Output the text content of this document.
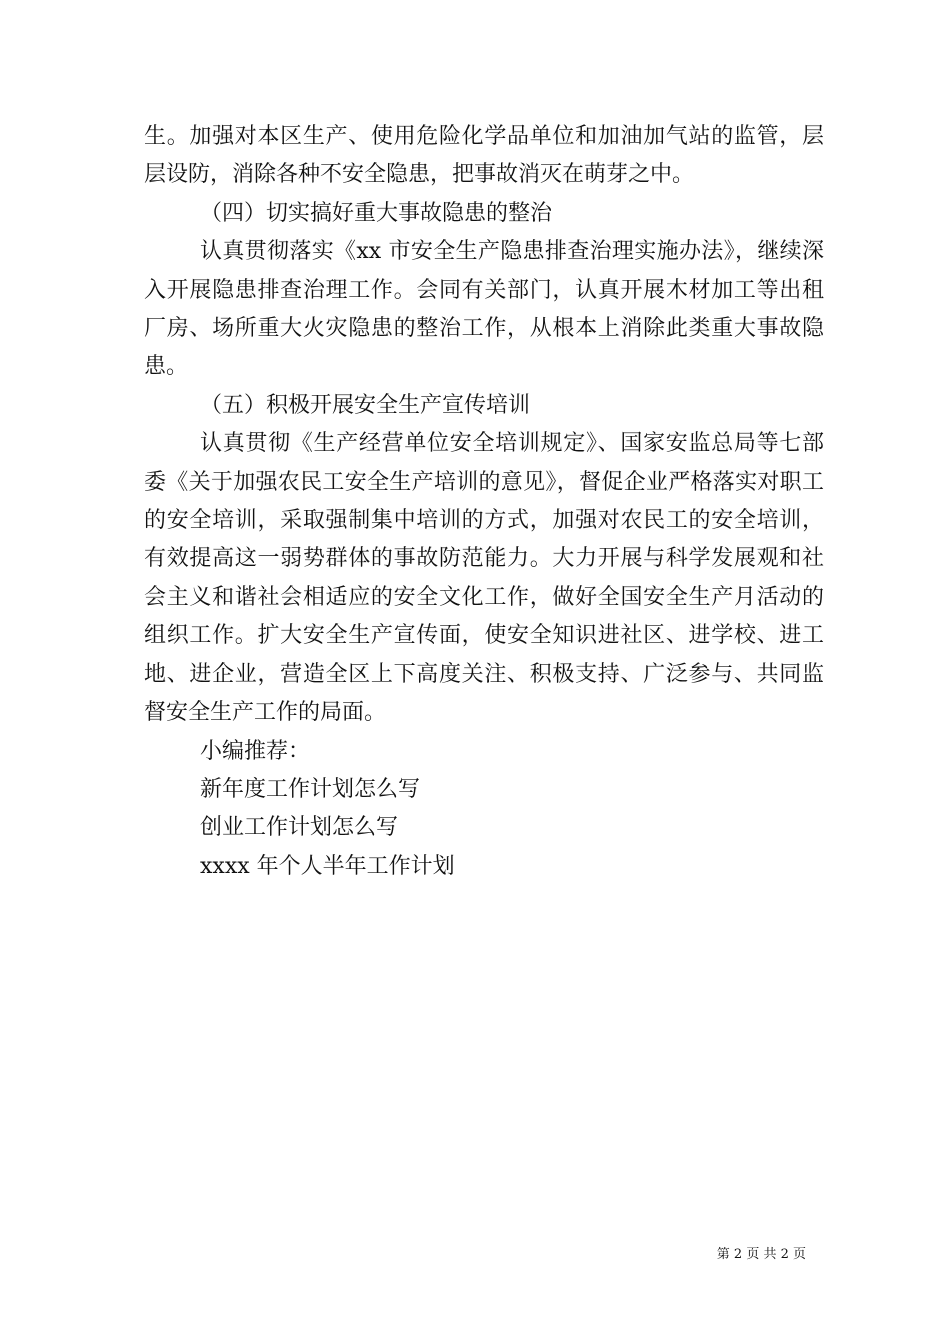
生。加强对本区生产、使用危险化学品单位和加油加气站的监管，层层设防，消除各种不安全隐患，把事故消灭在萌芽之中。

（四）切实搞好重大事故隐患的整治

认真贯彻落实《xx 市安全生产隐患排查治理实施办法》，继续深入开展隐患排查治理工作。会同有关部门，认真开展木材加工等出租厂房、场所重大火灾隐患的整治工作，从根本上消除此类重大事故隐患。

（五）积极开展安全生产宣传培训

认真贯彻《生产经营单位安全培训规定》、国家安监总局等七部委《关于加强农民工安全生产培训的意见》，督促企业严格落实对职工的安全培训，采取强制集中培训的方式，加强对农民工的安全培训，有效提高这一弱势群体的事故防范能力。大力开展与科学发展观和社会主义和谐社会相适应的安全文化工作，做好全国安全生产月活动的组织工作。扩大安全生产宣传面，使安全知识进社区、进学校、进工地、进企业，营造全区上下高度关注、积极支持、广泛参与、共同监督安全生产工作的局面。

小编推荐：

新年度工作计划怎么写

创业工作计划怎么写

xxxx 年个人半年工作计划

第 2 页 共 2 页
